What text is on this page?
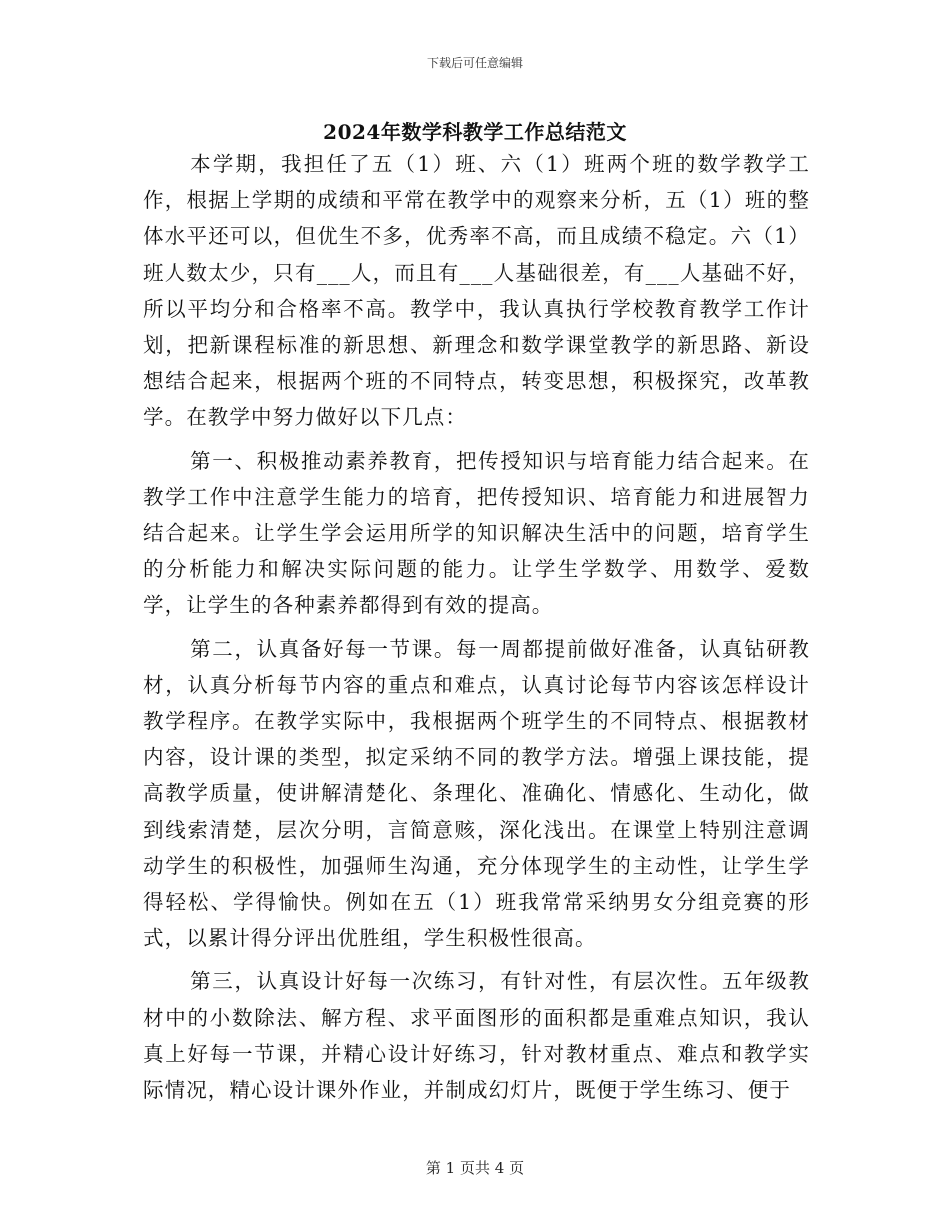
下载后可任意编辑
2024年数学科教学工作总结范文

本学期，我担任了五（1）班、六（1）班两个班的数学教学工作，根据上学期的成绩和平常在教学中的观察来分析，五（1）班的整体水平还可以，但优生不多，优秀率不高，而且成绩不稳定。六（1）班人数太少，只有___人，而且有___人基础很差，有___人基础不好，所以平均分和合格率不高。教学中，我认真执行学校教育教学工作计划，把新课程标准的新思想、新理念和数学课堂教学的新思路、新设想结合起来，根据两个班的不同特点，转变思想，积极探究，改革教学。在教学中努力做好以下几点：

第一、积极推动素养教育，把传授知识与培育能力结合起来。在教学工作中注意学生能力的培育，把传授知识、培育能力和进展智力结合起来。让学生学会运用所学的知识解决生活中的问题，培育学生的分析能力和解决实际问题的能力。让学生学数学、用数学、爱数学，让学生的各种素养都得到有效的提高。

第二，认真备好每一节课。每一周都提前做好准备，认真钻研教材，认真分析每节内容的重点和难点，认真讨论每节内容该怎样设计教学程序。在教学实际中，我根据两个班学生的不同特点、根据教材内容，设计课的类型，拟定采纳不同的教学方法。增强上课技能，提高教学质量，使讲解清楚化、条理化、准确化、情感化、生动化，做到线索清楚，层次分明，言简意赅，深化浅出。在课堂上特别注意调动学生的积极性，加强师生沟通，充分体现学生的主动性，让学生学得轻松、学得愉快。例如在五（1）班我常常采纳男女分组竞赛的形式，以累计得分评出优胜组，学生积极性很高。

第三，认真设计好每一次练习，有针对性，有层次性。五年级教材中的小数除法、解方程、求平面图形的面积都是重难点知识，我认真上好每一节课，并精心设计好练习，针对教材重点、难点和教学实际情况，精心设计课外作业，并制成幻灯片，既便于学生练习、便于

第 1 页共 4 页
